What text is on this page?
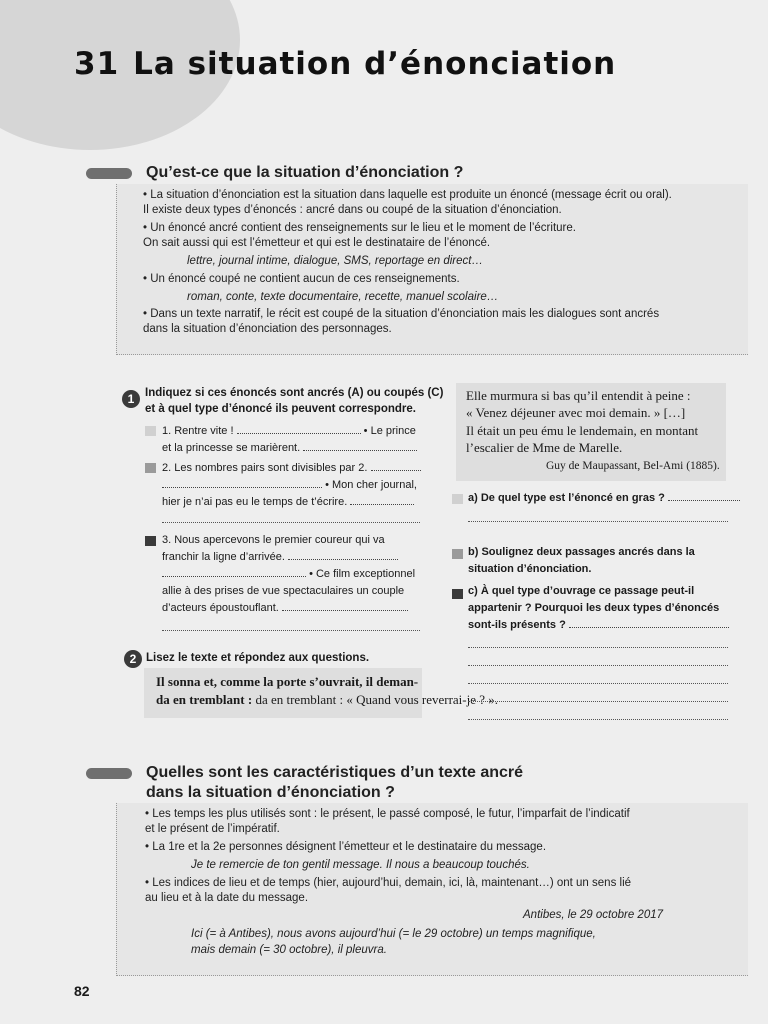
31 La situation d’énonciation
Qu’est-ce que la situation d’énonciation ?
• La situation d’énonciation est la situation dans laquelle est produite un énoncé (message écrit ou oral).
Il existe deux types d’énoncés : ancré dans ou coupé de la situation d’énonciation.
• Un énoncé ancré contient des renseignements sur le lieu et le moment de l’écriture.
On sait aussi qui est l’émetteur et qui est le destinataire de l’énoncé.
lettre, journal intime, dialogue, SMS, reportage en direct…
• Un énoncé coupé ne contient aucun de ces renseignements.
roman, conte, texte documentaire, recette, manuel scolaire…
• Dans un texte narratif, le récit est coupé de la situation d’énonciation mais les dialogues sont ancrés
dans la situation d’énonciation des personnages.
1 Indiquez si ces énoncés sont ancrés (A) ou coupés (C)
et à quel type d’énoncé ils peuvent correspondre.
1. Rentre vite !	• Le prince
et la princesse se marièrent.
2. Les nombres pairs sont divisibles par 2.
• Mon cher journal,
hier je n’ai pas eu le temps de t’écrire.
3. Nous apercevons le premier coureur qui va
franchir la ligne d’arrivée.
• Ce film exceptionnel
allie à des prises de vue spectaculaires un couple
d’acteurs époustouflant.
2 Lisez le texte et répondez aux questions.
Il sonna et, comme la porte s’ouvrait, il deman-
da en tremblant : da en tremblant : « Quand vous reverrai-je ? ».
Elle murmura si bas qu’il entendit à peine :
« Venez déjeuner avec moi demain. » […]
Il était un peu ému le lendemain, en montant
l’escalier de Mme de Marelle.
Guy de Maupassant, Bel-Ami (1885).
a) De quel type est l’énoncé en gras ?
b) Soulignez deux passages ancrés dans la
situation d’énonciation.
c) À quel type d’ouvrage ce passage peut-il
appartenir ? Pourquoi les deux types d’énoncés
sont-ils présents ?
Quelles sont les caractéristiques d’un texte ancré
dans la situation d’énonciation ?
• Les temps les plus utilisés sont : le présent, le passé composé, le futur, l’imparfait de l’indicatif
et le présent de l’impératif.
• La 1re et la 2e personnes désignent l’émetteur et le destinataire du message.
Je te remercie de ton gentil message. Il nous a beaucoup touchés.
• Les indices de lieu et de temps (hier, aujourd’hui, demain, ici, là, maintenant…) ont un sens lié
au lieu et à la date du message.
Antibes, le 29 octobre 2017
Ici (= à Antibes), nous avons aujourd’hui (= le 29 octobre) un temps magnifique,
mais demain (= 30 octobre), il pleuvra.
82
